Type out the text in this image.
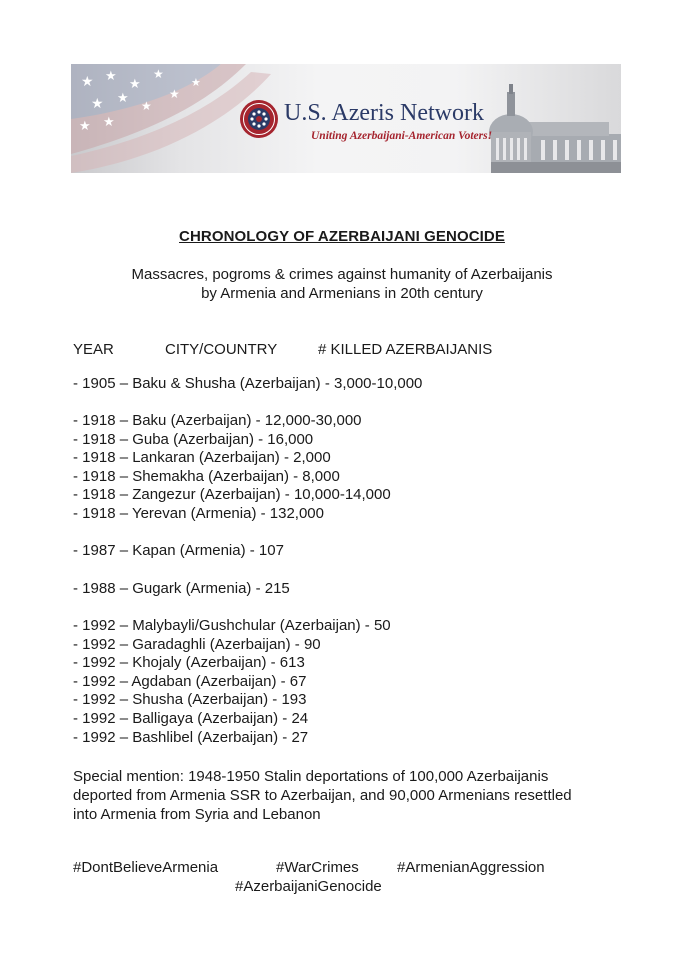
★ ★
★
★
★ ★
★
★
★ ★
★
U.S. Azeris Network
Uniting Azerbaijani-American Voters!
CHRONOLOGY OF AZERBAIJANI GENOCIDE
Massacres, pogroms & crimes against humanity of Azerbaijanis
by Armenia and Armenians in 20th century
YEAR	CITY/COUNTRY	# KILLED AZERBAIJANIS
- 1905 – Baku & Shusha (Azerbaijan) - 3,000-10,000
- 1918 – Baku (Azerbaijan) - 12,000-30,000
- 1918 – Guba (Azerbaijan) - 16,000
- 1918 – Lankaran (Azerbaijan) - 2,000
- 1918 – Shemakha (Azerbaijan) - 8,000
- 1918 – Zangezur (Azerbaijan) - 10,000-14,000
- 1918 – Yerevan (Armenia) - 132,000
- 1987 – Kapan (Armenia) - 107
- 1988 – Gugark (Armenia) - 215
- 1992 – Malybayli/Gushchular (Azerbaijan) - 50
- 1992 – Garadaghli (Azerbaijan) - 90
- 1992 – Khojaly (Azerbaijan) - 613
- 1992 – Agdaban (Azerbaijan) - 67
- 1992 – Shusha (Azerbaijan) - 193
- 1992 – Balligaya (Azerbaijan) - 24
- 1992 – Bashlibel (Azerbaijan) - 27
Special mention: 1948-1950 Stalin deportations of 100,000 Azerbaijanis
deported from Armenia SSR to Azerbaijan, and 90,000 Armenians resettled
into Armenia from Syria and Lebanon
#DontBelieveArmenia	#WarCrimes	#ArmenianAggression
#AzerbaijaniGenocide
